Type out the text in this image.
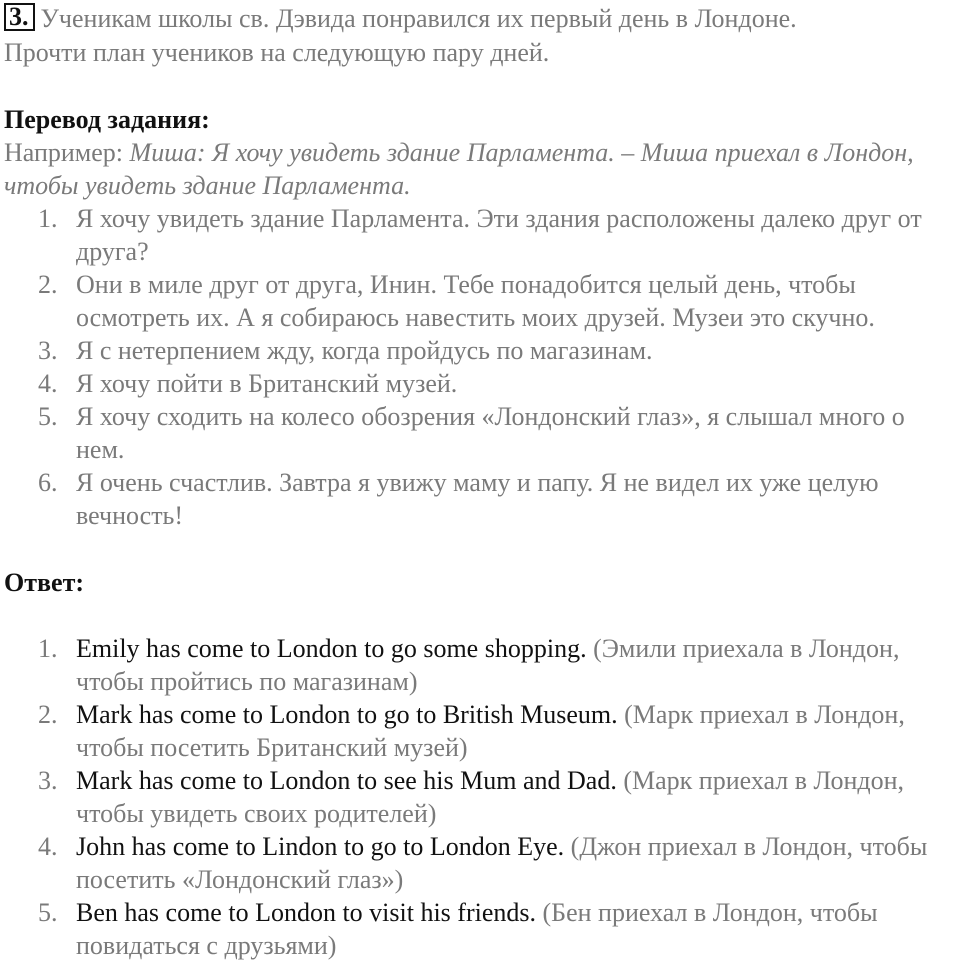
3. Ученикам школы св. Дэвида понравился их первый день в Лондоне.
Прочти план учеников на следующую пару дней.
Перевод задания:
Например: Миша: Я хочу увидеть здание Парламента. – Миша приехал в Лондон, чтобы увидеть здание Парламента.
1. Я хочу увидеть здание Парламента. Эти здания расположены далеко друг от друга?
2. Они в миле друг от друга, Инин. Тебе понадобится целый день, чтобы осмотреть их. А я собираюсь навестить моих друзей. Музеи это скучно.
3. Я с нетерпением жду, когда пройдусь по магазинам.
4. Я хочу пойти в Британский музей.
5. Я хочу сходить на колесо обозрения «Лондонский глаз», я слышал много о нем.
6. Я очень счастлив. Завтра я увижу маму и папу. Я не видел их уже целую вечность!
Ответ:
1. Emily has come to London to go some shopping. (Эмили приехала в Лондон, чтобы пройтись по магазинам)
2. Mark has come to London to go to British Museum. (Марк приехал в Лондон, чтобы посетить Британский музей)
3. Mark has come to London to see his Mum and Dad. (Марк приехал в Лондон, чтобы увидеть своих родителей)
4. John has come to Lindon to go to London Eye. (Джон приехал в Лондон, чтобы посетить «Лондонский глаз»)
5. Ben has come to London to visit his friends. (Бен приехал в Лондон, чтобы повидаться с друзьями)
